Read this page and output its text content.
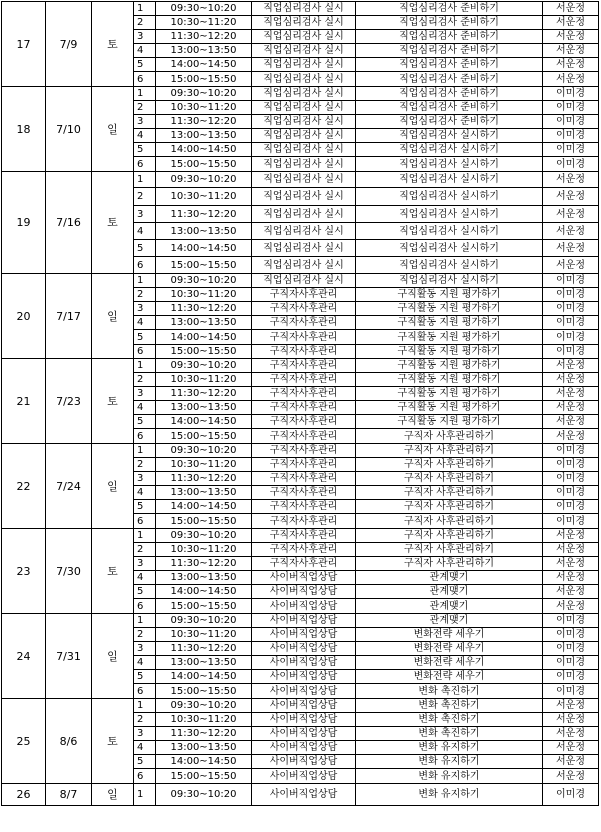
17	7/9	토	1	09:30~10:20	직업심리검사 실시	직업심리검사 준비하기	서운정
			2	10:30~11:20	직업심리검사 실시	직업심리검사 준비하기	서운정
			3	11:30~12:20	직업심리검사 실시	직업심리검사 준비하기	서운정
			4	13:00~13:50	직업심리검사 실시	직업심리검사 준비하기	서운정
			5	14:00~14:50	직업심리검사 실시	직업심리검사 준비하기	서운정
			6	15:00~15:50	직업심리검사 실시	직업심리검사 준비하기	서운정
18	7/10	일	1	09:30~10:20	직업심리검사 실시	직업심리검사 준비하기	이미경
			2	10:30~11:20	직업심리검사 실시	직업심리검사 준비하기	이미경
			3	11:30~12:20	직업심리검사 실시	직업심리검사 준비하기	이미경
			4	13:00~13:50	직업심리검사 실시	직업심리검사 실시하기	이미경
			5	14:00~14:50	직업심리검사 실시	직업심리검사 실시하기	이미경
			6	15:00~15:50	직업심리검사 실시	직업심리검사 실시하기	이미경
19	7/16	토	1	09:30~10:20	직업심리검사 실시	직업심리검사 실시하기	서운정
			2	10:30~11:20	직업심리검사 실시	직업심리검사 실시하기	서운정
			3	11:30~12:20	직업심리검사 실시	직업심리검사 실시하기	서운정
			4	13:00~13:50	직업심리검사 실시	직업심리검사 실시하기	서운정
			5	14:00~14:50	직업심리검사 실시	직업심리검사 실시하기	서운정
			6	15:00~15:50	직업심리검사 실시	직업심리검사 실시하기	서운정
20	7/17	일	1	09:30~10:20	직업심리검사 실시	직업심리검사 실시하기	이미경
			2	10:30~11:20	구직자사후관리	구직활동 지원 평가하기	이미경
			3	11:30~12:20	구직자사후관리	구직활동 지원 평가하기	이미경
			4	13:00~13:50	구직자사후관리	구직활동 지원 평가하기	이미경
			5	14:00~14:50	구직자사후관리	구직활동 지원 평가하기	이미경
			6	15:00~15:50	구직자사후관리	구직활동 지원 평가하기	이미경
21	7/23	토	1	09:30~10:20	구직자사후관리	구직활동 지원 평가하기	서운정
			2	10:30~11:20	구직자사후관리	구직활동 지원 평가하기	서운정
			3	11:30~12:20	구직자사후관리	구직활동 지원 평가하기	서운정
			4	13:00~13:50	구직자사후관리	구직활동 지원 평가하기	서운정
			5	14:00~14:50	구직자사후관리	구직활동 지원 평가하기	서운정
			6	15:00~15:50	구직자사후관리	구직자 사후관리하기	서운정
22	7/24	일	1	09:30~10:20	구직자사후관리	구직자 사후관리하기	이미경
			2	10:30~11:20	구직자사후관리	구직자 사후관리하기	이미경
			3	11:30~12:20	구직자사후관리	구직자 사후관리하기	이미경
			4	13:00~13:50	구직자사후관리	구직자 사후관리하기	이미경
			5	14:00~14:50	구직자사후관리	구직자 사후관리하기	이미경
			6	15:00~15:50	구직자사후관리	구직자 사후관리하기	이미경
23	7/30	토	1	09:30~10:20	구직자사후관리	구직자 사후관리하기	서운정
			2	10:30~11:20	구직자사후관리	구직자 사후관리하기	서운정
			3	11:30~12:20	구직자사후관리	구직자 사후관리하기	서운정
			4	13:00~13:50	사이버직업상담	관계맺기	서운정
			5	14:00~14:50	사이버직업상담	관계맺기	서운정
			6	15:00~15:50	사이버직업상담	관계맺기	서운정
24	7/31	일	1	09:30~10:20	사이버직업상담	관계맺기	이미경
			2	10:30~11:20	사이버직업상담	변화전략 세우기	이미경
			3	11:30~12:20	사이버직업상담	변화전략 세우기	이미경
			4	13:00~13:50	사이버직업상담	변화전략 세우기	이미경
			5	14:00~14:50	사이버직업상담	변화전략 세우기	이미경
			6	15:00~15:50	사이버직업상담	변화 촉진하기	이미경
25	8/6	토	1	09:30~10:20	사이버직업상담	변화 촉진하기	서운정
			2	10:30~11:20	사이버직업상담	변화 촉진하기	서운정
			3	11:30~12:20	사이버직업상담	변화 촉진하기	서운정
			4	13:00~13:50	사이버직업상담	변화 유지하기	서운정
			5	14:00~14:50	사이버직업상담	변화 유지하기	서운정
			6	15:00~15:50	사이버직업상담	변화 유지하기	서운정
26	8/7	일	1	09:30~10:20	사이버직업상담	변화 유지하기	이미경
